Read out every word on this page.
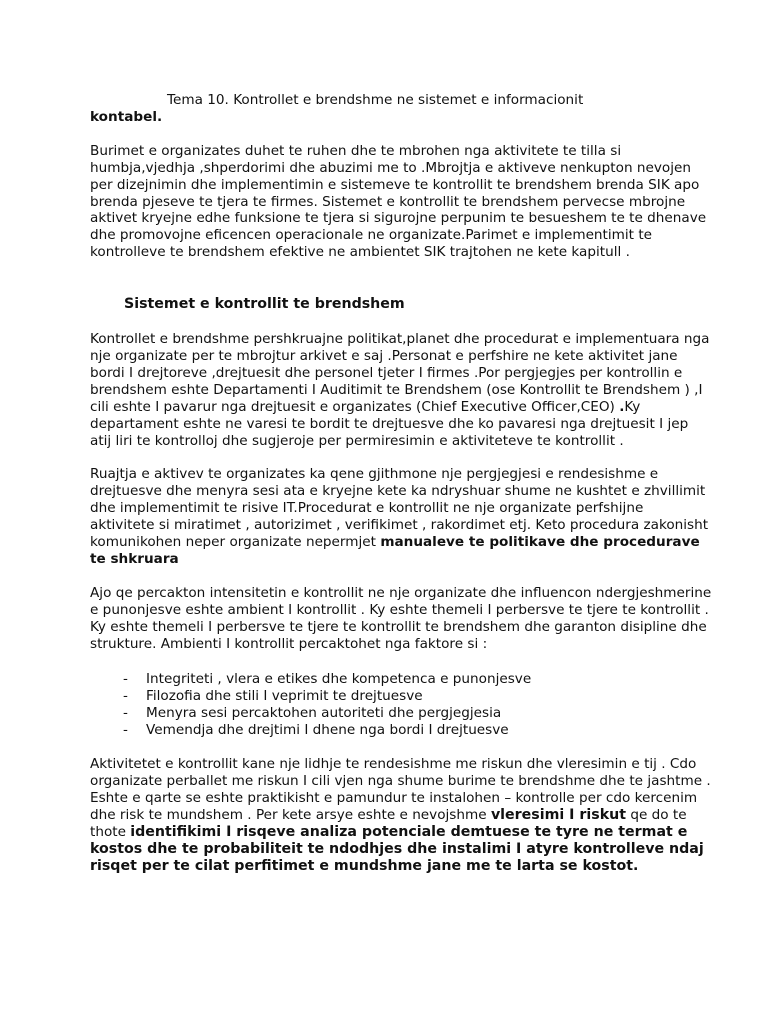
Tema 10. Kontrollet e brendshme ne sistemet e informacionit
kontabel.

Burimet e organizates duhet te ruhen dhe te mbrohen nga aktivitete te tilla si humbja,vjedhja ,shperdorimi dhe abuzimi me to .Mbrojtja e aktiveve nenkupton nevojen per dizejnimin dhe implementimin e sistemeve te kontrollit te brendshem brenda SIK apo brenda pjeseve te tjera te firmes. Sistemet e kontrollit te brendshem pervecse mbrojne aktivet kryejne edhe funksione te tjera si sigurojne perpunim te besueshem te te dhenave dhe promovojne eficencen operacionale ne organizate.Parimet e implementimit te kontrolleve te brendshem efektive ne ambientet SIK trajtohen ne kete kapitull .

Sistemet e kontrollit te brendshem

Kontrollet e brendshme pershkruajne politikat,planet dhe procedurat e implementuara nga nje organizate per te mbrojtur arkivet e saj .Personat e perfshire ne kete aktivitet jane bordi I drejtoreve ,drejtuesit dhe personel tjeter I firmes .Por pergjegjes per kontrollin e brendshem eshte Departamenti I Auditimit te Brendshem (ose Kontrollit te Brendshem ) ,I cili eshte I pavarur nga drejtuesit e organizates (Chief Executive Officer,CEO) .Ky departament eshte ne varesi te bordit te drejtuesve dhe ko pavaresi nga drejtuesit I jep atij liri te kontrolloj dhe sugjeroje per permiresimin e aktiviteteve te kontrollit .

Ruajtja e aktivev te organizates ka qene gjithmone nje pergjegjesi e rendesishme e drejtuesve dhe menyra sesi ata e kryejne kete ka ndryshuar shume ne kushtet e zhvillimit dhe implementimit te risive IT.Procedurat e kontrollit ne nje organizate perfshijne aktivitete si miratimet , autorizimet , verifikimet , rakordimet etj. Keto procedura zakonisht komunikohen neper organizate nepermjet manualeve te politikave dhe procedurave te shkruara

Ajo qe percakton intensitetin e kontrollit ne nje organizate dhe influencon ndergjeshmerine e punonjesve eshte ambient I kontrollit . Ky eshte themeli I perbersve te tjere te kontrollit . Ky eshte themeli I perbersve te tjere te kontrollit te brendshem dhe garanton disipline dhe strukture. Ambienti I kontrollit percaktohet nga faktore si :

- Integriteti , vlera e etikes dhe kompetenca e punonjesve
- Filozofia dhe stili I veprimit te drejtuesve
- Menyra sesi percaktohen autoriteti dhe pergjegjesia
- Vemendja dhe drejtimi I dhene nga bordi I drejtuesve

Aktivitetet e kontrollit kane nje lidhje te rendesishme me riskun dhe vleresimin e tij . Cdo organizate perballet me riskun I cili vjen nga shume burime te brendshme dhe te jashtme . Eshte e qarte se eshte praktikisht e pamundur te instalohen – kontrolle per cdo kercenim dhe risk te mundshem . Per kete arsye eshte e nevojshme vleresimi I riskut qe do te thote identifikimi I risqeve analiza potenciale demtuese te tyre ne termat e kostos dhe te probabiliteit te ndodhjes dhe instalimi I atyre kontrolleve ndaj risqet per te cilat perfitimet e mundshme jane me te larta se kostot.
